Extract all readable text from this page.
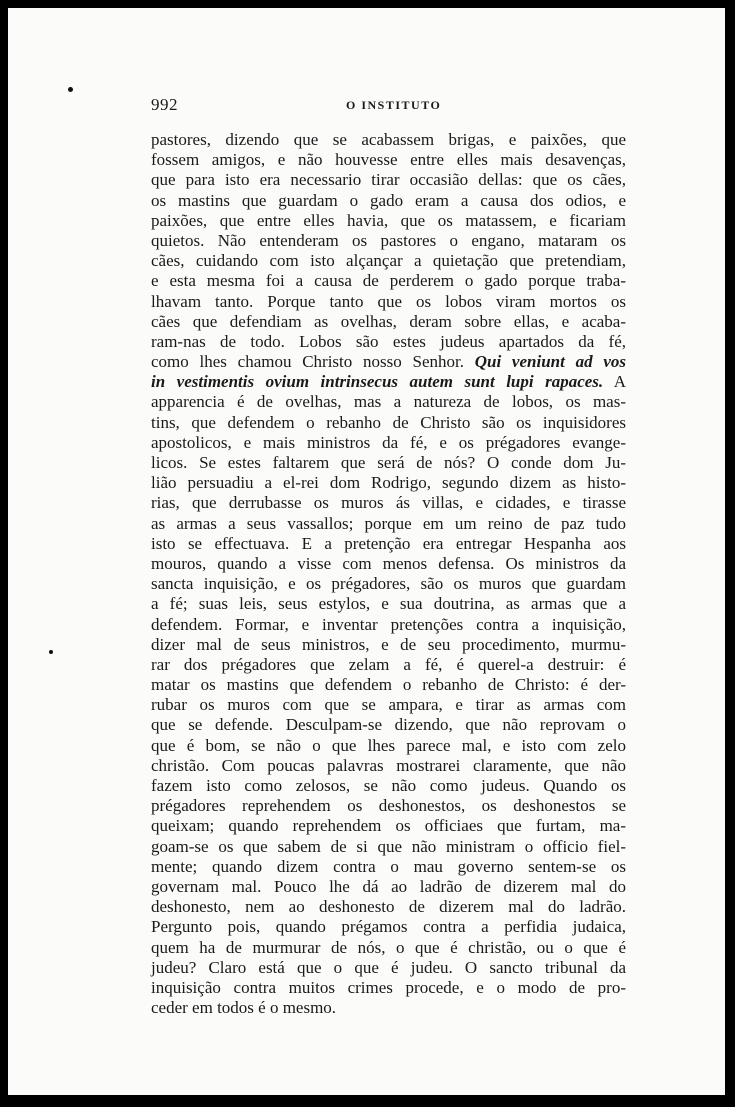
992	O INSTITUTO
pastores, dizendo que se acabassem brigas, e paixões, que
fossem amigos, e não houvesse entre elles mais desavenças,
que para isto era necessario tirar occasião dellas: que os cães,
os mastins que guardam o gado eram a causa dos odios, e
paixões, que entre elles havia, que os matassem, e ficariam
quietos. Não entenderam os pastores o engano, mataram os
cães, cuidando com isto alçançar a quietação que pretendiam,
e esta mesma foi a causa de perderem o gado porque traba-
lhavam tanto. Porque tanto que os lobos viram mortos os
cães que defendiam as ovelhas, deram sobre ellas, e acaba-
ram-nas de todo. Lobos são estes judeus apartados da fé,
como lhes chamou Christo nosso Senhor. Qui veniunt ad vos
in vestimentis ovium intrinsecus autem sunt lupi rapaces. A
apparencia é de ovelhas, mas a natureza de lobos, os mas-
tins, que defendem o rebanho de Christo são os inquisidores
apostolicos, e mais ministros da fé, e os prégadores evange-
licos. Se estes faltarem que será de nós? O conde dom Ju-
lião persuadiu a el-rei dom Rodrigo, segundo dizem as histo-
rias, que derrubasse os muros ás villas, e cidades, e tirasse
as armas a seus vassallos; porque em um reino de paz tudo
isto se effectuava. E a pretenção era entregar Hespanha aos
mouros, quando a visse com menos defensa. Os ministros da
sancta inquisição, e os prégadores, são os muros que guardam
a fé; suas leis, seus estylos, e sua doutrina, as armas que a
defendem. Formar, e inventar pretenções contra a inquisição,
dizer mal de seus ministros, e de seu procedimento, murmu-
rar dos prégadores que zelam a fé, é querel-a destruir: é
matar os mastins que defendem o rebanho de Christo: é der-
rubar os muros com que se ampara, e tirar as armas com
que se defende. Desculpam-se dizendo, que não reprovam o
que é bom, se não o que lhes parece mal, e isto com zelo
christão. Com poucas palavras mostrarei claramente, que não
fazem isto como zelosos, se não como judeus. Quando os
prégadores reprehendem os deshonestos, os deshonestos se
queixam; quando reprehendem os officiaes que furtam, ma-
goam-se os que sabem de si que não ministram o officio fiel-
mente; quando dizem contra o mau governo sentem-se os
governam mal. Pouco lhe dá ao ladrão de dizerem mal do
deshonesto, nem ao deshonesto de dizerem mal do ladrão.
Pergunto pois, quando prégamos contra a perfidia judaica,
quem ha de murmurar de nós, o que é christão, ou o que é
judeu? Claro está que o que é judeu. O sancto tribunal da
inquisição contra muitos crimes procede, e o modo de pro-
ceder em todos é o mesmo.
